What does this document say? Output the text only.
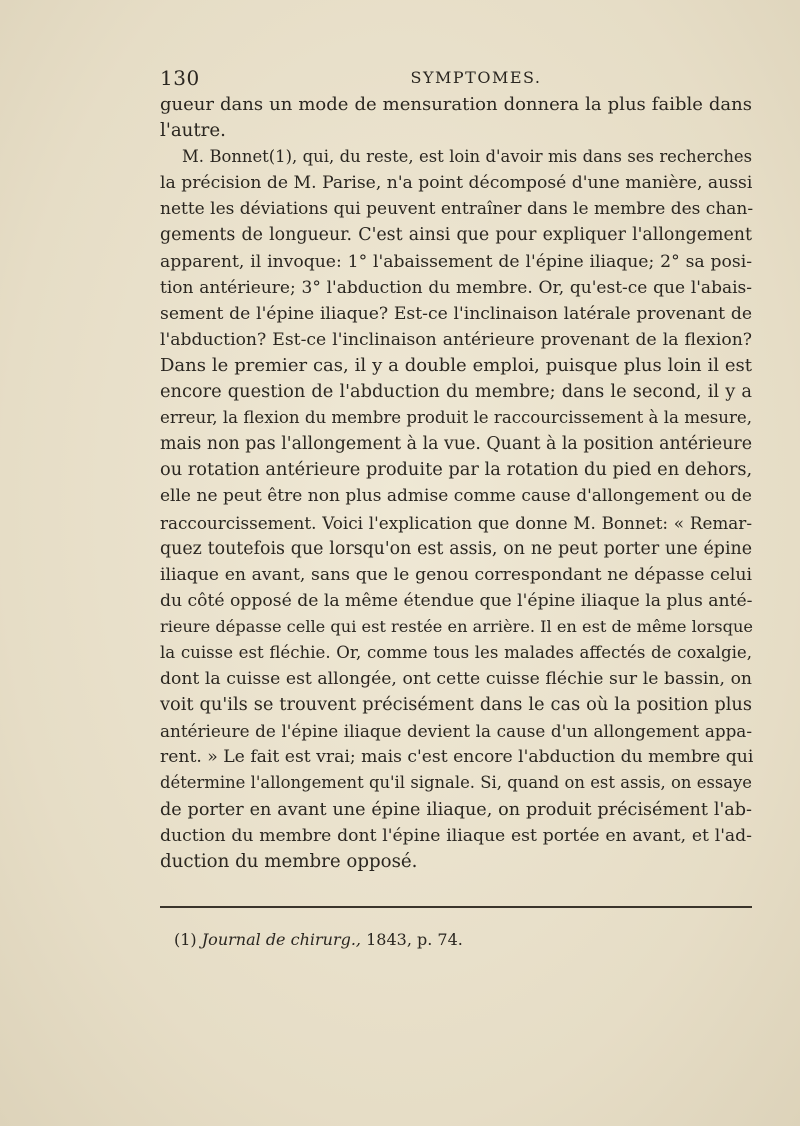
130	SYMPTOMES.
gueur dans un mode de mensuration donnera la plus faible dans
l'autre.
M. Bonnet(1), qui, du reste, est loin d'avoir mis dans ses recherches
la précision de M. Parise, n'a point décomposé d'une manière, aussi
nette les déviations qui peuvent entraîner dans le membre des chan-
gements de longueur. C'est ainsi que pour expliquer l'allongement
apparent, il invoque: 1° l'abaissement de l'épine iliaque; 2° sa posi-
tion antérieure; 3° l'abduction du membre. Or, qu'est-ce que l'abais-
sement de l'épine iliaque? Est-ce l'inclinaison latérale provenant de
l'abduction? Est-ce l'inclinaison antérieure provenant de la flexion?
Dans le premier cas, il y a double emploi, puisque plus loin il est
encore question de l'abduction du membre; dans le second, il y a
erreur, la flexion du membre produit le raccourcissement à la mesure,
mais non pas l'allongement à la vue. Quant à la position antérieure
ou rotation antérieure produite par la rotation du pied en dehors,
elle ne peut être non plus admise comme cause d'allongement ou de
raccourcissement. Voici l'explication que donne M. Bonnet: « Remar-
quez toutefois que lorsqu'on est assis, on ne peut porter une épine
iliaque en avant, sans que le genou correspondant ne dépasse celui
du côté opposé de la même étendue que l'épine iliaque la plus anté-
rieure dépasse celle qui est restée en arrière. Il en est de même lorsque
la cuisse est fléchie. Or, comme tous les malades affectés de coxalgie,
dont la cuisse est allongée, ont cette cuisse fléchie sur le bassin, on
voit qu'ils se trouvent précisément dans le cas où la position plus
antérieure de l'épine iliaque devient la cause d'un allongement appa-
rent. » Le fait est vrai; mais c'est encore l'abduction du membre qui
détermine l'allongement qu'il signale. Si, quand on est assis, on essaye
de porter en avant une épine iliaque, on produit précisément l'ab-
duction du membre dont l'épine iliaque est portée en avant, et l'ad-
duction du membre opposé.
(1) Journal de chirurg., 1843, p. 74.
